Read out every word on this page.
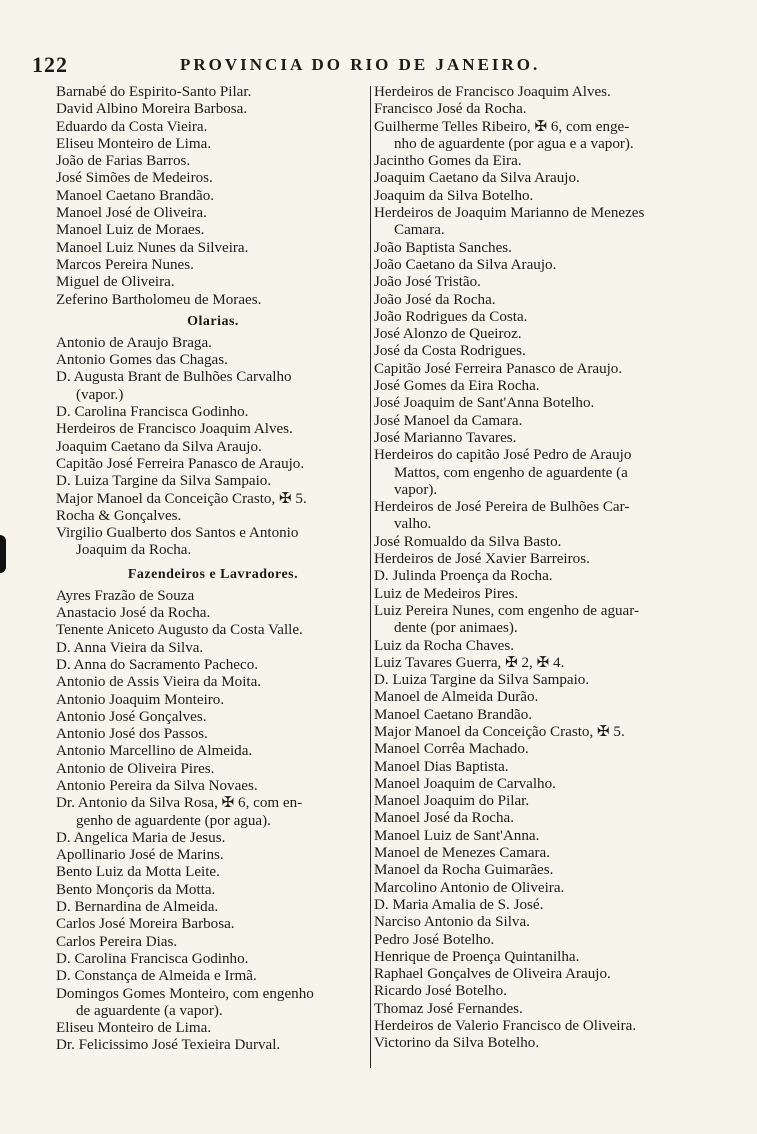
122	PROVINCIA DO RIO DE JANEIRO.
Barnabé do Espirito-Santo Pilar.
David Albino Moreira Barbosa.
Eduardo da Costa Vieira.
Eliseu Monteiro de Lima.
João de Farias Barros.
José Simões de Medeiros.
Manoel Caetano Brandão.
Manoel José de Oliveira.
Manoel Luiz de Moraes.
Manoel Luiz Nunes da Silveira.
Marcos Pereira Nunes.
Miguel de Oliveira.
Zeferino Bartholomeu de Moraes.
Olarias.
Antonio de Araujo Braga.
Antonio Gomes das Chagas.
D. Augusta Brant de Bulhões Carvalho
(vapor.)
D. Carolina Francisca Godinho.
Herdeiros de Francisco Joaquim Alves.
Joaquim Caetano da Silva Araujo.
Capitão José Ferreira Panasco de Araujo.
D. Luiza Targine da Silva Sampaio.
Major Manoel da Conceição Crasto, ✠ 5.
Rocha & Gonçalves.
Virgilio Gualberto dos Santos e Antonio
Joaquim da Rocha.
Fazendeiros e Lavradores.
Ayres Frazão de Souza
Anastacio José da Rocha.
Tenente Aniceto Augusto da Costa Valle.
D. Anna Vieira da Silva.
D. Anna do Sacramento Pacheco.
Antonio de Assis Vieira da Moita.
Antonio Joaquim Monteiro.
Antonio José Gonçalves.
Antonio José dos Passos.
Antonio Marcellino de Almeida.
Antonio de Oliveira Pires.
Antonio Pereira da Silva Novaes.
Dr. Antonio da Silva Rosa, ✠ 6, com en-
genho de aguardente (por agua).
D. Angelica Maria de Jesus.
Apollinario José de Marins.
Bento Luiz da Motta Leite.
Bento Monçoris da Motta.
D. Bernardina de Almeida.
Carlos José Moreira Barbosa.
Carlos Pereira Dias.
D. Carolina Francisca Godinho.
D. Constança de Almeida e Irmã.
Domingos Gomes Monteiro, com engenho
de aguardente (a vapor).
Eliseu Monteiro de Lima.
Dr. Felicissimo José Texieira Durval.
Herdeiros de Francisco Joaquim Alves.
Francisco José da Rocha.
Guilherme Telles Ribeiro, ✠ 6, com enge-
nho de aguardente (por agua e a vapor).
Jacintho Gomes da Eira.
Joaquim Caetano da Silva Araujo.
Joaquim da Silva Botelho.
Herdeiros de Joaquim Marianno de Menezes
Camara.
João Baptista Sanches.
João Caetano da Silva Araujo.
João José Tristão.
João José da Rocha.
João Rodrigues da Costa.
José Alonzo de Queiroz.
José da Costa Rodrigues.
Capitão José Ferreira Panasco de Araujo.
José Gomes da Eira Rocha.
José Joaquim de Sant'Anna Botelho.
José Manoel da Camara.
José Marianno Tavares.
Herdeiros do capitão José Pedro de Araujo
Mattos, com engenho de aguardente (a
vapor).
Herdeiros de José Pereira de Bulhões Car-
valho.
José Romualdo da Silva Basto.
Herdeiros de José Xavier Barreiros.
D. Julinda Proença da Rocha.
Luiz de Medeiros Pires.
Luiz Pereira Nunes, com engenho de aguar-
dente (por animaes).
Luiz da Rocha Chaves.
Luiz Tavares Guerra, ✠ 2, ✠ 4.
D. Luiza Targine da Silva Sampaio.
Manoel de Almeida Durão.
Manoel Caetano Brandão.
Major Manoel da Conceição Crasto, ✠ 5.
Manoel Corrêa Machado.
Manoel Dias Baptista.
Manoel Joaquim de Carvalho.
Manoel Joaquim do Pilar.
Manoel José da Rocha.
Manoel Luiz de Sant'Anna.
Manoel de Menezes Camara.
Manoel da Rocha Guimarães.
Marcolino Antonio de Oliveira.
D. Maria Amalia de S. José.
Narciso Antonio da Silva.
Pedro José Botelho.
Henrique de Proença Quintanilha.
Raphael Gonçalves de Oliveira Araujo.
Ricardo José Botelho.
Thomaz José Fernandes.
Herdeiros de Valerio Francisco de Oliveira.
Victorino da Silva Botelho.
